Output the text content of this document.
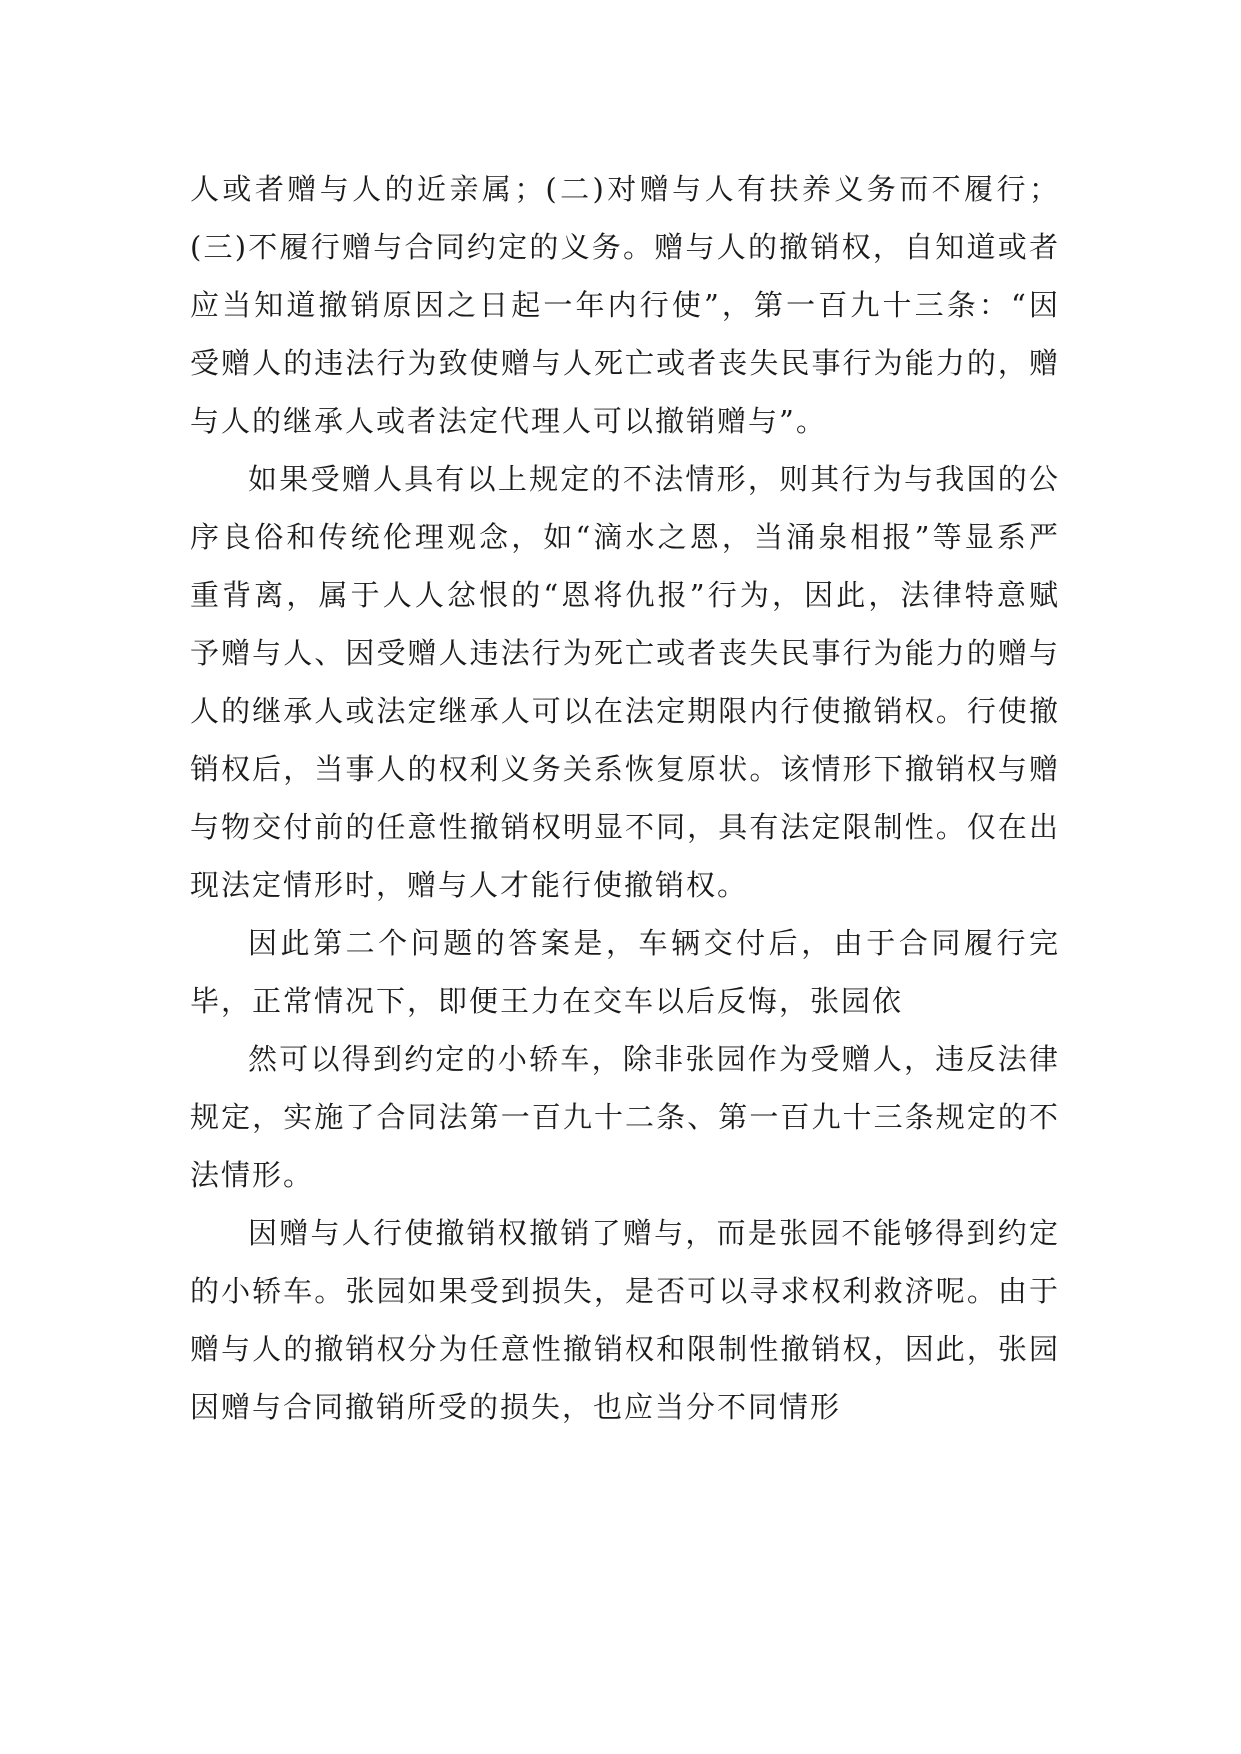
人或者赠与人的近亲属；(二)对赠与人有扶养义务而不履行；(三)不履行赠与合同约定的义务。赠与人的撤销权，自知道或者应当知道撤销原因之日起一年内行使”，第一百九十三条：“因受赠人的违法行为致使赠与人死亡或者丧失民事行为能力的，赠与人的继承人或者法定代理人可以撤销赠与”。

如果受赠人具有以上规定的不法情形，则其行为与我国的公序良俗和传统伦理观念，如“滴水之恩，当涌泉相报”等显系严重背离，属于人人忿恨的“恩将仇报”行为，因此，法律特意赋予赠与人、因受赠人违法行为死亡或者丧失民事行为能力的赠与人的继承人或法定继承人可以在法定期限内行使撤销权。行使撤销权后，当事人的权利义务关系恢复原状。该情形下撤销权与赠与物交付前的任意性撤销权明显不同，具有法定限制性。仅在出现法定情形时，赠与人才能行使撤销权。

因此第二个问题的答案是，车辆交付后，由于合同履行完毕，正常情况下，即便王力在交车以后反悔，张园依

然可以得到约定的小轿车，除非张园作为受赠人，违反法律规定，实施了合同法第一百九十二条、第一百九十三条规定的不法情形。

因赠与人行使撤销权撤销了赠与，而是张园不能够得到约定的小轿车。张园如果受到损失，是否可以寻求权利救济呢。由于赠与人的撤销权分为任意性撤销权和限制性撤销权，因此，张园因赠与合同撤销所受的损失，也应当分不同情形
